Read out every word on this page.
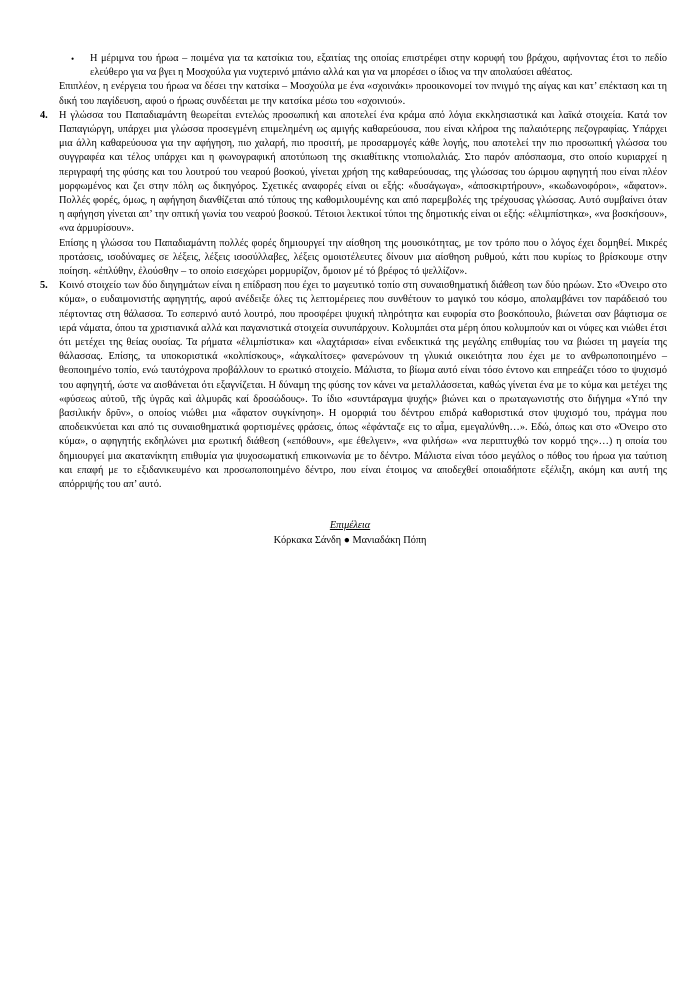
• Η μέριμνα του ήρωα – ποιμένα για τα κατσίκια του, εξαιτίας της οποίας επιστρέφει στην κορυφή του βράχου, αφήνοντας έτσι το πεδίο ελεύθερο για να βγει η Μοσχούλα για νυχτερινό μπάνιο αλλά και για να μπορέσει ο ίδιος να την απολαύσει αθέατος.

Επιπλέον, η ενέργεια του ήρωα να δέσει την κατσίκα – Μοσχούλα με ένα «σχοινάκι» προοικονομεί τον πνιγμό της αίγας και κατ’ επέκταση και τη δική του παγίδευση, αφού ο ήρωας συνδέεται με την κατσίκα μέσω του «σχοινιού».

4.	Η γλώσσα του Παπαδιαμάντη θεωρείται εντελώς προσωπική και αποτελεί ένα κράμα από λόγια εκκλησιαστικά και λαϊκά στοιχεία. Κατά τον Παπαγιώργη, υπάρχει μια γλώσσα προσεγμένη επιμελημένη ως αμιγής καθαρεύουσα, που είναι κλήροα της παλαιότερης πεζογραφίας. Υπάρχει μια άλλη καθαρεύουσα για την αφήγηση, πιο χαλαρή, πιο προσιτή, με προσαρμογές κάθε λογής, που αποτελεί την πιο προσωπική γλώσσα του συγγραφέα και τέλος υπάρχει και η φωνογραφική αποτύπωση της σκιαθίτικης ντοπιολαλιάς. Στο παρόν απόσπασμα, στο οποίο κυριαρχεί η περιγραφή της φύσης και του λουτρού του νεαρού βοσκού, γίνεται χρήση της καθαρεύουσας, της γλώσσας του ώριμου αφηγητή που είναι πλέον μορφωμένος και ζει στην πόλη ως δικηγόρος. Σχετικές αναφορές είναι οι εξής: «δυσάγωγα», «ἀποσκιρτήρουν», «κωδωνοφόροι», «ἄφατον». Πολλές φορές, όμως, η αφήγηση διανθίζεται από τύπους της καθομιλουμένης και από παρεμβολές της τρέχουσας γλώσσας. Αυτό συμβαίνει όταν η αφήγηση γίνεται απ’ την οπτική γωνία του νεαρού βοσκού. Τέτοιοι λεκτικοί τύποι της δημοτικής είναι οι εξής: «ἐλιμπίστηκα», «να βοσκήσουν», «να ἀρμυρίσουν».
Επίσης η γλώσσα του Παπαδιαμάντη πολλές φορές δημιουργεί την αίσθηση της μουσικότητας, με τον τρόπο που ο λόγος έχει δομηθεί. Μικρές προτάσεις, ισοδύναμες σε λέξεις, λέξεις ισοσύλλαβες, λέξεις ομοιοτέλευτες δίνουν μια αίσθηση ρυθμού, κάτι που κυρίως το βρίσκουμε στην ποίηση. «ἐπλύθην, ἐλούσθην – το οποίο εισεχώρει μορμυρίζον, ὅμοιον μέ τό βρέφος τό ψελλίζον».
5.	Κοινό στοιχείο των δύο διηγημάτων είναι η επίδραση που έχει το μαγευτικό τοπίο στη συναισθηματική διάθεση των δύο ηρώων. Στο «Όνειρο στο κύμα», ο ευδαιμονιστής αφηγητής, αφού ανέδειξε όλες τις λεπτομέρειες που συνθέτουν το μαγικό του κόσμο, απολαμβάνει τον παράδεισό του πέφτοντας στη θάλασσα. Το εσπερινό αυτό λουτρό, που προσφέρει ψυχική πληρότητα και ευφορία στο βοσκόπουλο, βιώνεται σαν βάφτισμα σε ιερά νάματα, όπου τα χριστιανικά αλλά και παγανιστικά στοιχεία συνυπάρχουν. Κολυμπάει στα μέρη όπου κολυμπούν και οι νύφες και νιώθει έτσι ότι μετέχει της θείας ουσίας. Τα ρήματα «ἐλιμπίστικα» και «λαχτάρισα» είναι ενδεικτικά της μεγάλης επιθυμίας του να βιώσει τη μαγεία της θάλασσας. Επίσης, τα υποκοριστικά «κολπίσκους», «ἀγκαλίτσες» φανερώνουν τη γλυκιά οικειότητα που έχει με το ανθρωποποιημένο – θεοποιημένο τοπίο, ενώ ταυτόχρονα προβάλλουν το ερωτικό στοιχείο. Μάλιστα, το βίωμα αυτό είναι τόσο έντονο και επηρεάζει τόσο το ψυχισμό του αφηγητή, ώστε να αισθάνεται ότι εξαγνίζεται. Η δύναμη της φύσης τον κάνει να μεταλλάσσεται, καθώς γίνεται ένα με το κύμα και μετέχει της «φύσεως αὐτοῦ, τῆς ὑγρᾶς καὶ ἁλμυρᾶς καί δροσώδους». Το ίδιο «συντάραγμα ψυχής» βιώνει και ο πρωταγωνιστής στο διήγημα «Υπό την βασιλικήν δρῦν», ο οποίος νιώθει μια «ἄφατον συγκίνηση». Η ομορφιά του δέντρου επιδρά καθοριστικά στον ψυχισμό του, πράγμα που αποδεικνύεται και από τις συναισθηματικά φορτισμένες φράσεις, όπως «ἐφάνταζε εις το αἷμα, εμεγαλύνθη…». Εδώ, όπως και στο «Όνειρο στο κύμα», ο αφηγητής εκδηλώνει μια ερωτική διάθεση («επόθουν», «με έθελγειν», «να φιλήσω» «να περιπτυχθώ τον κορμό της»…) η οποία του δημιουργεί μια ακατανίκητη επιθυμία για ψυχοσωματική επικοινωνία με το δέντρο. Μάλιστα είναι τόσο μεγάλος ο πόθος του ήρωα για ταύτιση και επαφή με το εξιδανικευμένο και προσωποποιημένο δέντρο, που είναι έτοιμος να αποδεχθεί οποιαδήποτε εξέλιξη, ακόμη και αυτή της απόρριψής του απ’ αυτό.
Επιμέλεια
Κόρκακα Σάνδη ● Μανιαδάκη Πόπη
